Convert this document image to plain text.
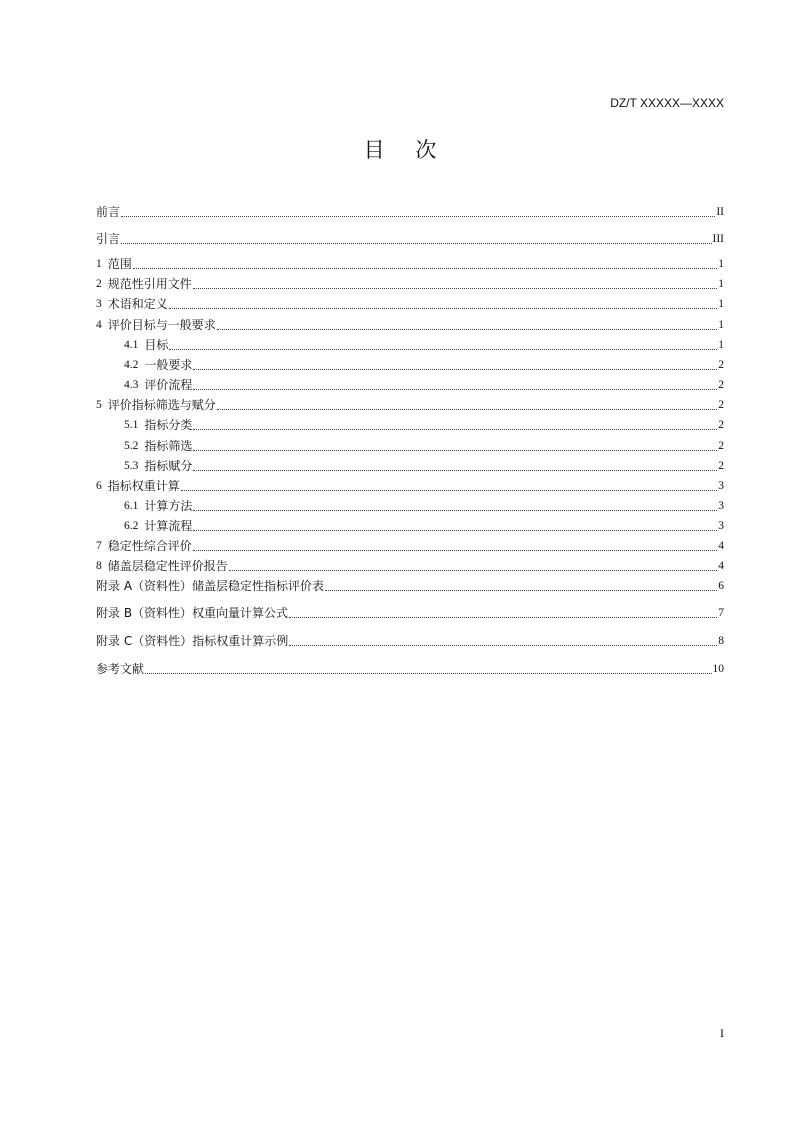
DZ/T XXXXX—XXXX
目 次
前言	II
引言	III
1 范围	1
2 规范性引用文件	1
3 术语和定义	1
4 评价目标与一般要求	1
4.1 目标	1
4.2 一般要求	2
4.3 评价流程	2
5 评价指标筛选与赋分	2
5.1 指标分类	2
5.2 指标筛选	2
5.3 指标赋分	2
6 指标权重计算	3
6.1 计算方法	3
6.2 计算流程	3
7 稳定性综合评价	4
8 储盖层稳定性评价报告	4
附录 A（资料性）储盖层稳定性指标评价表	6
附录 B（资料性）权重向量计算公式	7
附录 C（资料性）指标权重计算示例	8
参考文献	10
I
